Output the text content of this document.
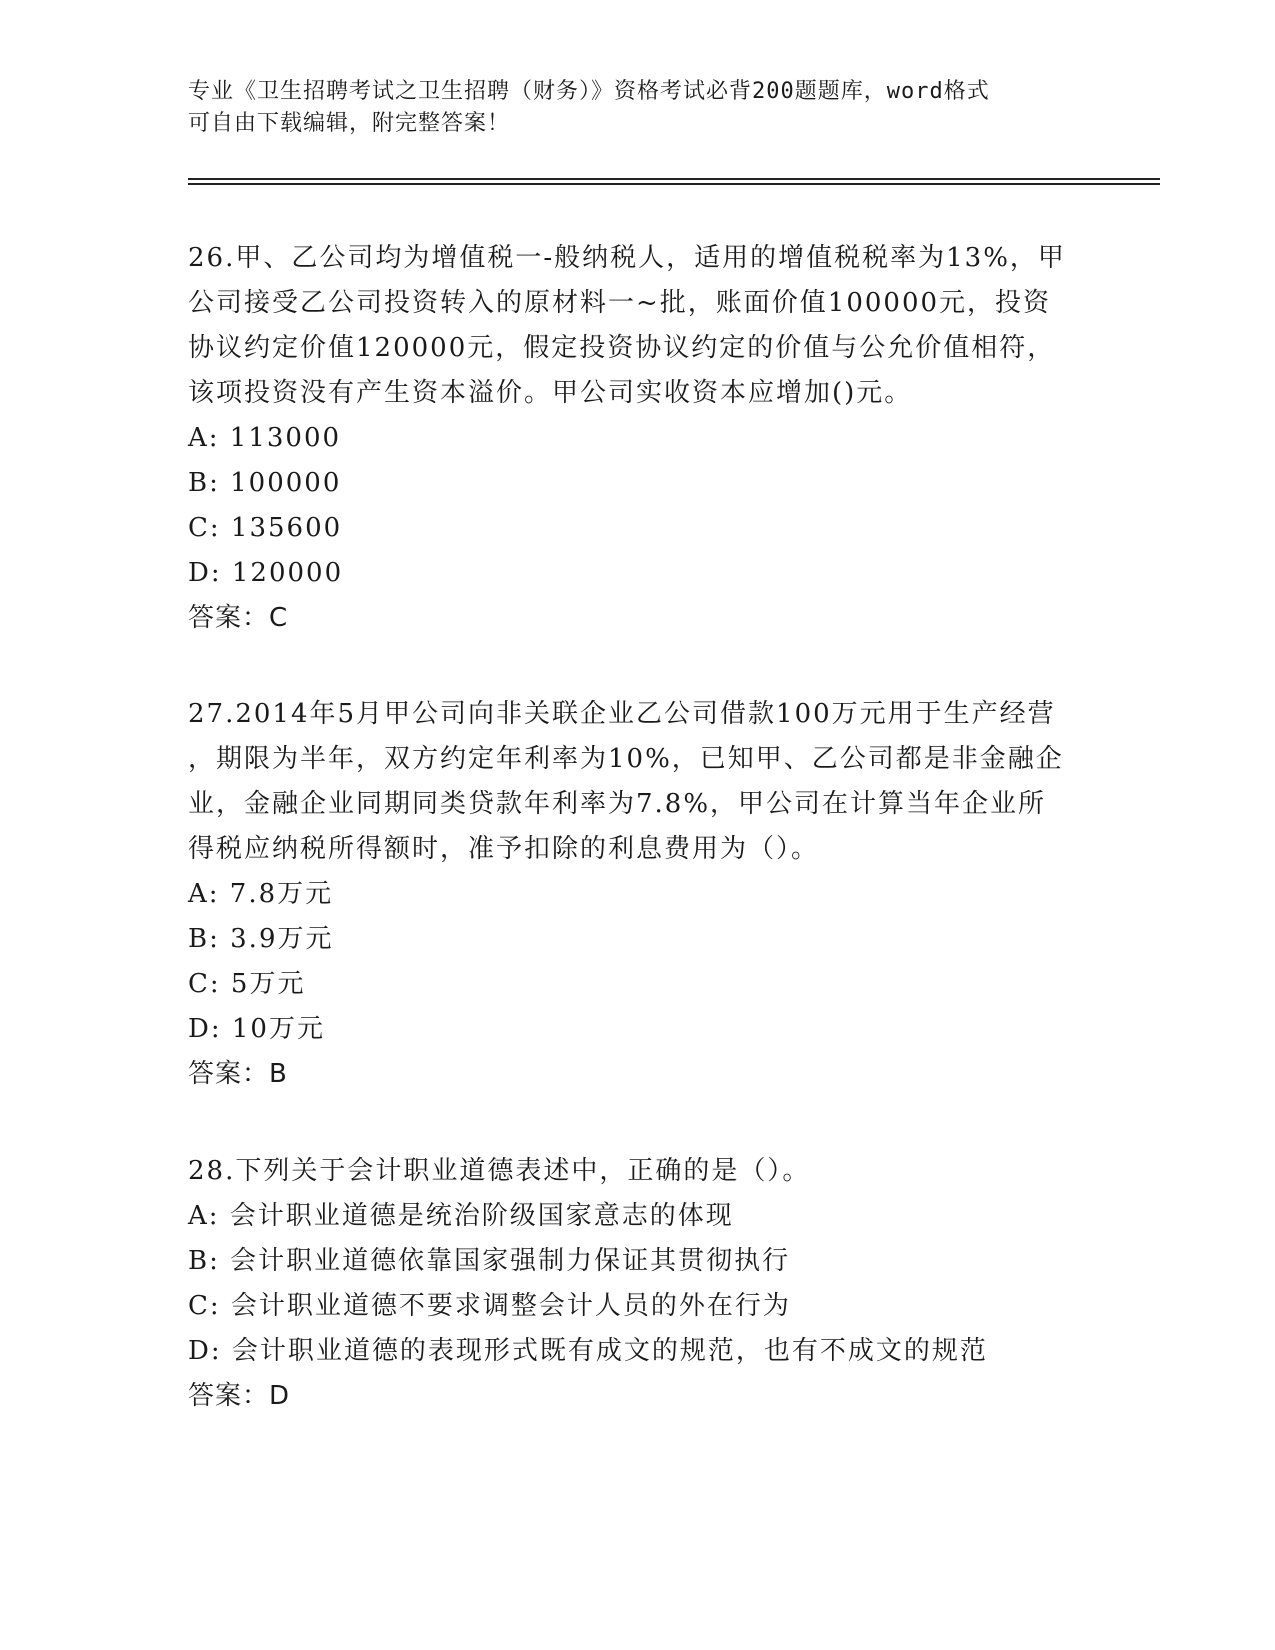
专业《卫生招聘考试之卫生招聘（财务）》资格考试必背200题题库，word格式
可自由下载编辑，附完整答案！

26.甲、乙公司均为增值税一-般纳税人，适用的增值税税率为13%，甲

公司接受乙公司投资转入的原材料一~批，账面价值100000元，投资

协议约定价值120000元，假定投资协议约定的价值与公允价值相符，

该项投资没有产生资本溢价。甲公司实收资本应增加()元。

A: 113000

B: 100000

C: 135600

D: 120000

答案：C

27.2014年5月甲公司向非关联企业乙公司借款100万元用于生产经营

，期限为半年，双方约定年利率为10%，已知甲、乙公司都是非金融企

业，金融企业同期同类贷款年利率为7.8%，甲公司在计算当年企业所

得税应纳税所得额时，准予扣除的利息费用为（）。

A: 7.8万元

B: 3.9万元

C: 5万元

D: 10万元

答案：B

28.下列关于会计职业道德表述中，正确的是（）。

A: 会计职业道德是统治阶级国家意志的体现

B: 会计职业道德依靠国家强制力保证其贯彻执行

C: 会计职业道德不要求调整会计人员的外在行为

D: 会计职业道德的表现形式既有成文的规范，也有不成文的规范

答案：D
